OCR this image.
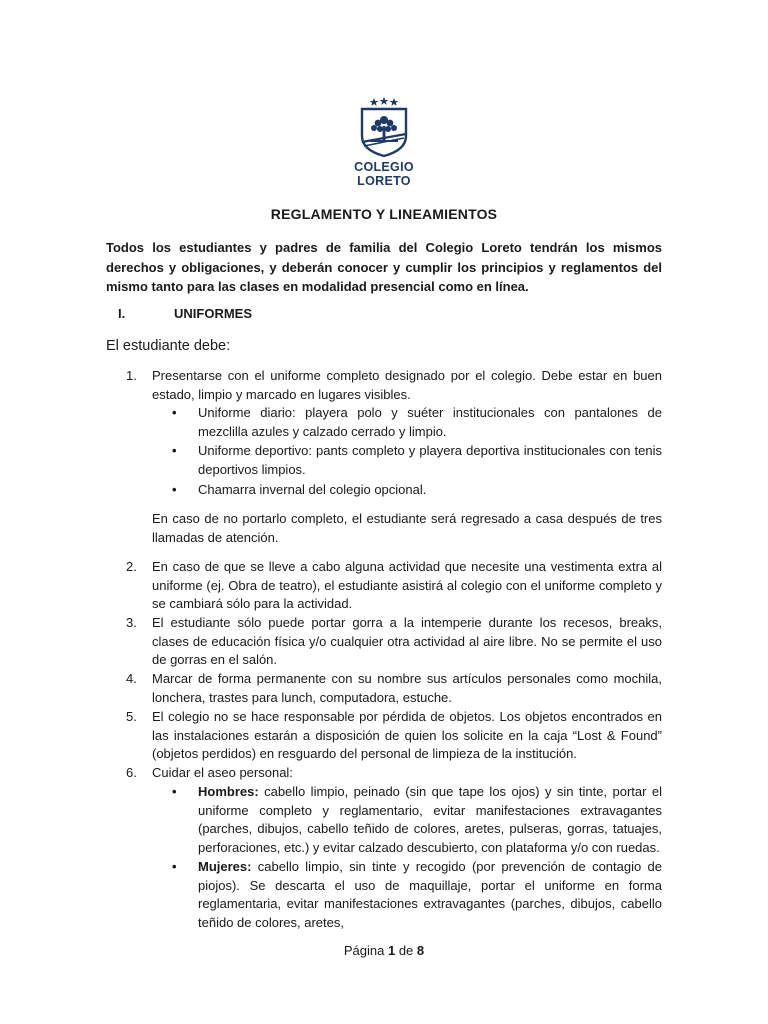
COLEGIO
LORETO
REGLAMENTO Y LINEAMIENTOS

Todos los estudiantes y padres de familia del Colegio Loreto tendrán los mismos derechos y obligaciones, y deberán conocer y cumplir los principios y reglamentos del mismo tanto para las clases en modalidad presencial como en línea.

I.	UNIFORMES
El estudiante debe:
1.	Presentarse con el uniforme completo designado por el colegio. Debe estar en buen estado, limpio y marcado en lugares visibles.
• Uniforme diario: playera polo y suéter institucionales con pantalones de mezclilla azules y calzado cerrado y limpio.
• Uniforme deportivo: pants completo y playera deportiva institucionales con tenis deportivos limpios.
• Chamarra invernal del colegio opcional.

En caso de no portarlo completo, el estudiante será regresado a casa después de tres llamadas de atención.

2.	En caso de que se lleve a cabo alguna actividad que necesite una vestimenta extra al uniforme (ej. Obra de teatro), el estudiante asistirá al colegio con el uniforme completo y se cambiará sólo para la actividad.
3.	El estudiante sólo puede portar gorra a la intemperie durante los recesos, breaks, clases de educación física y/o cualquier otra actividad al aire libre. No se permite el uso de gorras en el salón.
4.	Marcar de forma permanente con su nombre sus artículos personales como mochila, lonchera, trastes para lunch, computadora, estuche.
5.	El colegio no se hace responsable por pérdida de objetos. Los objetos encontrados en las instalaciones estarán a disposición de quien los solicite en la caja “Lost & Found” (objetos perdidos) en resguardo del personal de limpieza de la institución.
6.	Cuidar el aseo personal:
• Hombres: cabello limpio, peinado (sin que tape los ojos) y sin tinte, portar el uniforme completo y reglamentario, evitar manifestaciones extravagantes (parches, dibujos, cabello teñido de colores, aretes, pulseras, gorras, tatuajes, perforaciones, etc.) y evitar calzado descubierto, con plataforma y/o con ruedas.
• Mujeres: cabello limpio, sin tinte y recogido (por prevención de contagio de piojos). Se descarta el uso de maquillaje, portar el uniforme en forma reglamentaria, evitar manifestaciones extravagantes (parches, dibujos, cabello teñido de colores, aretes,
Página 1 de 8
